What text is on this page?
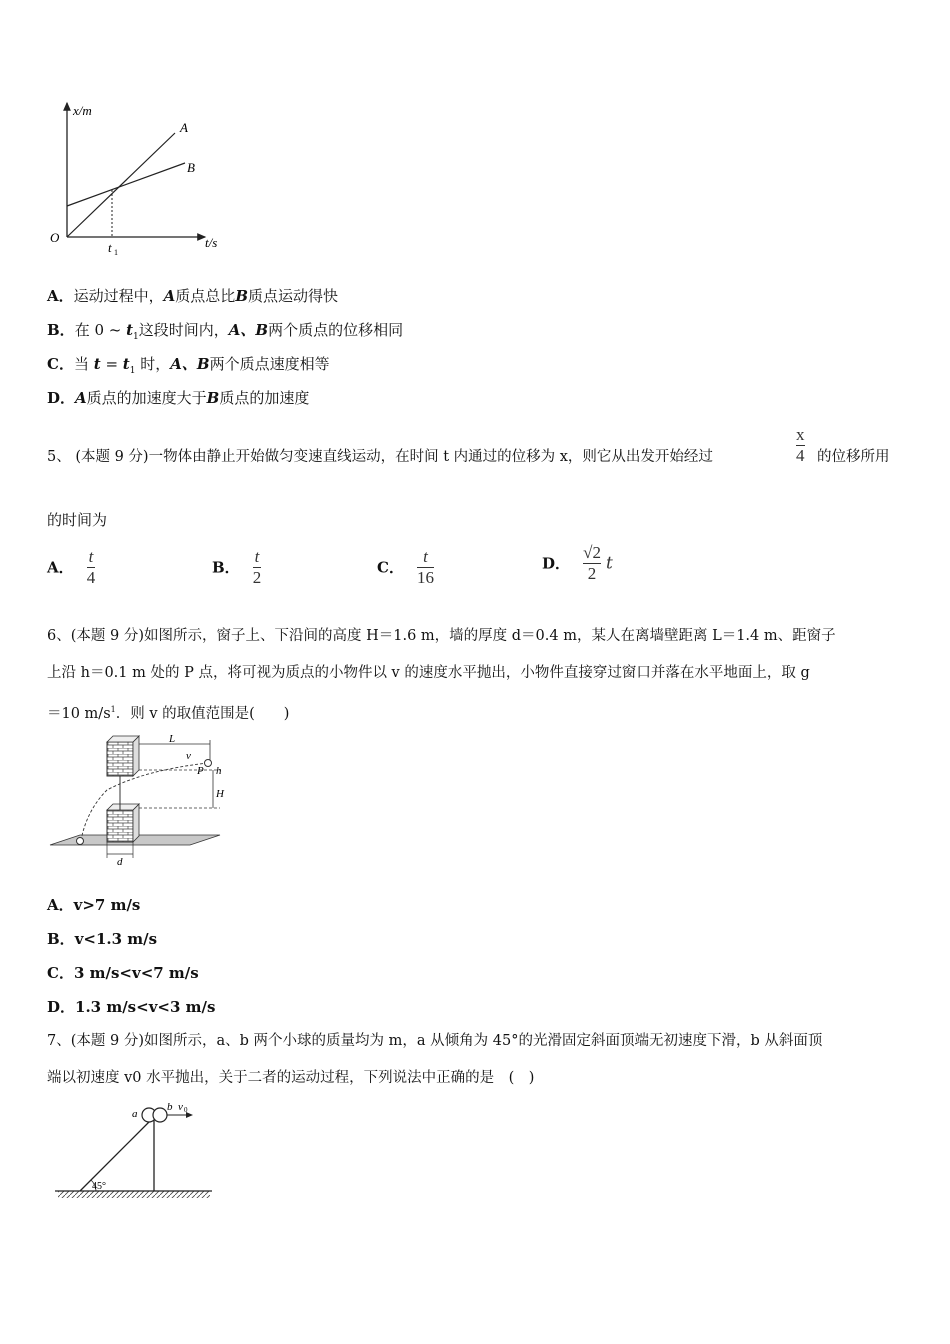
x/m
t/s
O
t 1
A
B
A．运动过程中，A质点总比B质点运动得快
B．在 0 ~ $t_1$这段时间内，A、B两个质点的位移相同
C．当 $t = t_1$ 时，A、B两个质点速度相等
D．A质点的加速度大于B质点的加速度
5、 (本题 9 分)一物体由静止开始做匀变速直线运动，在时间 t 内通过的位移为 x，则它从出发开始经过	$\frac{x}{4}$ 的位移所用
的时间为
A． $\frac{t}{4}$	B． $\frac{t}{2}$	C． $\frac{t}{16}$	D． $\frac{√2}{2}$ t
6、(本题 9 分)如图所示，窗子上、下沿间的高度 H＝1.6 m，墙的厚度 d＝0.4 m，某人在离墙壁距离 L＝1.4 m、距窗子
上沿 h＝0.1 m 处的 P 点，将可视为质点的小物件以 v 的速度水平抛出，小物件直接穿过窗口并落在水平地面上，取 g
＝10 $m/s^1$．则 v 的取值范围是(　　)
L
v
P h
H
d
A．v>7 m/s
B．v<1.3 m/s
C．3 m/s<v<7 m/s
D．1.3 m/s<v<3 m/s
7、(本题 9 分)如图所示，a、b 两个小球的质量均为 m，a 从倾角为 45°的光滑固定斜面顶端无初速度下滑，b 从斜面顶
端以初速度 v0 水平抛出，关于二者的运动过程，下列说法中正确的是　(　)
a
b v 0
45°
